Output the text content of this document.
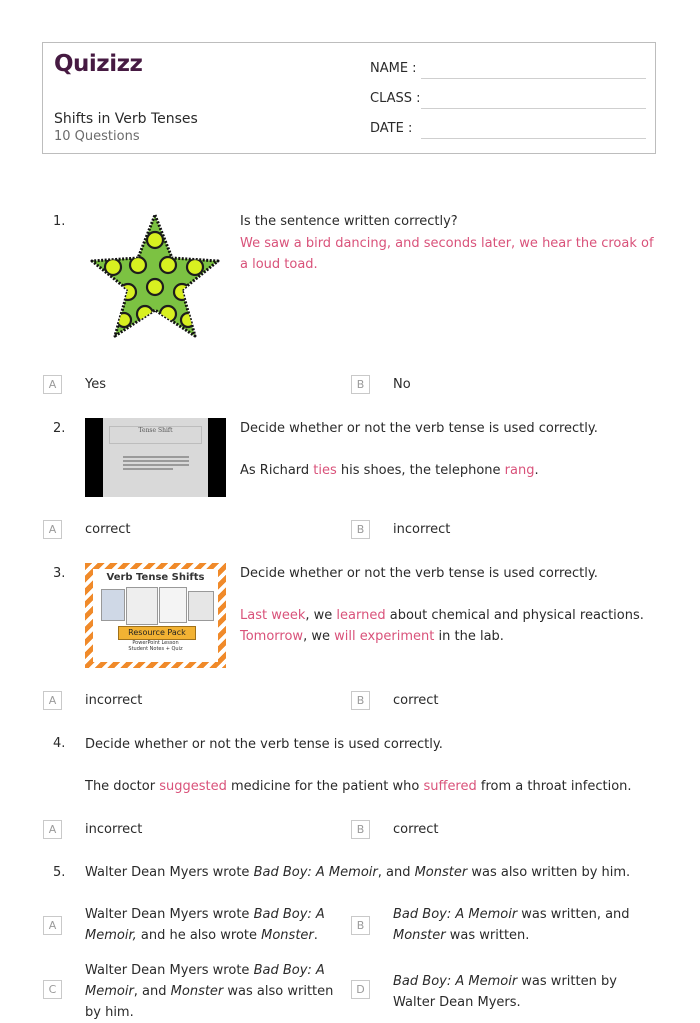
Quizizz
Shifts in Verb Tenses
10 Questions
NAME :
CLASS :
DATE :
1.	Is the sentence written correctly?
We saw a bird dancing, and seconds later, we hear the croak of a loud toad.
A	Yes	B	No
2.	Tense Shift	Decide whether or not the verb tense is used correctly.
As Richard ties his shoes, the telephone rang.
A	correct	B	incorrect
3.	Verb Tense Shifts
Resource Pack
PowerPoint Lesson
Student Notes + Quiz
Decide whether or not the verb tense is used correctly.
Last week, we learned about chemical and physical reactions.
Tomorrow, we will experiment in the lab.
A	incorrect	B	correct
4. Decide whether or not the verb tense is used correctly.
The doctor suggested medicine for the patient who suffered from a throat infection.
A	incorrect	B	correct
5. Walter Dean Myers wrote Bad Boy: A Memoir, and Monster was also written by him.
A
Walter Dean Myers wrote Bad Boy: A Memoir, and he also wrote Monster.
B
Bad Boy: A Memoir was written, and Monster was written.
C
Walter Dean Myers wrote Bad Boy: A Memoir, and Monster was also written by him.
D
Bad Boy: A Memoir was written by Walter Dean Myers.
